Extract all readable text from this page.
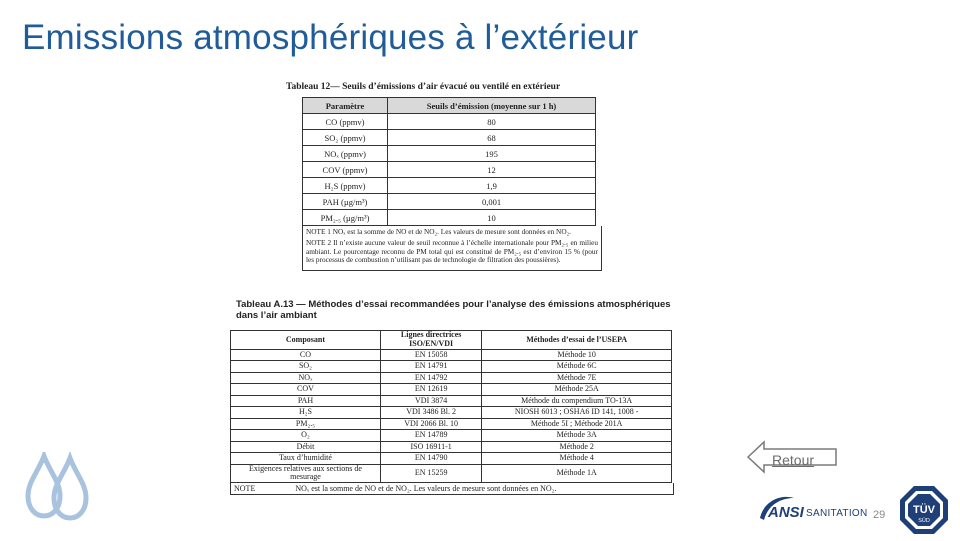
Emissions atmosphériques à l’extérieur
Tableau 12— Seuils d’émissions d’air évacué ou ventilé en extérieur
Paramètre	Seuils d’émission (moyenne sur 1 h)
CO (ppmv)	80
SO₂ (ppmv)	68
NOₓ (ppmv)	195
COV (ppmv)	12
H₂S (ppmv)	1,9
PAH (µg/m³)	0,001
PM₂.₅ (µg/m³)	10

NOTE 1 NOₓ est la somme de NO et de NO₂. Les valeurs de mesure sont données en NO₂.

NOTE 2 Il n’existe aucune valeur de seuil reconnue à l’échelle internationale pour PM₂.₅ en milieu ambiant. Le pourcentage reconnu de PM total qui est constitué de PM₂.₅ est d’environ 15 % (pour les processus de combustion n’utilisant pas de technologie de filtration des poussières).

Tableau A.13 — Méthodes d’essai recommandées pour l’analyse des émissions atmosphériques dans l’air ambiant
Composant	Lignes directrices ISO/EN/VDI	Méthodes d’essai de l’USEPA
CO	EN 15058	Méthode 10
SO₂	EN 14791	Méthode 6C
NOₓ	EN 14792	Méthode 7E
COV	EN 12619	Méthode 25A
PAH	VDI 3874	Méthode du compendium TO-13A
H₂S	VDI 3486 Bl. 2	NIOSH 6013 ; OSHA6 ID 141, 1008 -
PM₂.₅	VDI 2066 Bl. 10	Méthode 5I ; Méthode 201A
O₂	EN 14789	Méthode 3A
Débit	ISO 16911-1	Méthode 2
Taux d’humidité	EN 14790	Méthode 4
Exigences relatives aux sections de mesurage	EN 15259	Méthode 1A
NOTE	NOₓ est la somme de NO et de NO₂. Les valeurs de mesure sont données en NO₂.
Retour
ANSI SANITATION 29	TÜV
SÜD
